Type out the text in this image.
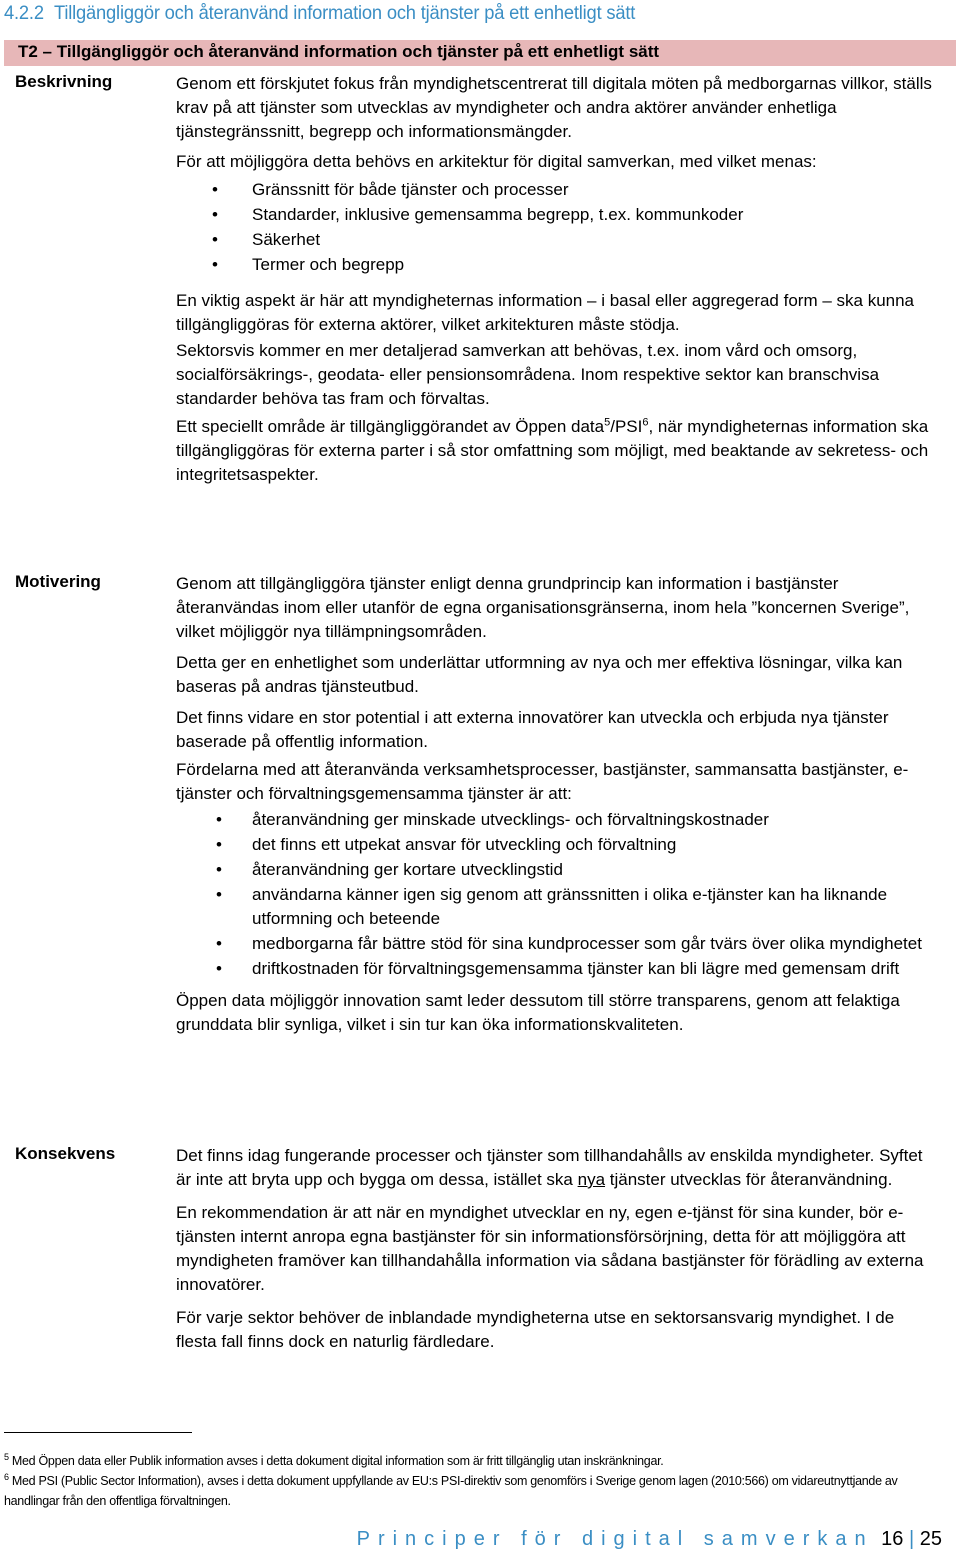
4.2.2 Tillgängliggör och återanvänd information och tjänster på ett enhetligt sätt
T2 – Tillgängliggör och återanvänd information och tjänster på ett enhetligt sätt
Beskrivning	Genom ett förskjutet fokus från myndighetscentrerat till digitala möten på medborgarnas villkor, ställs krav på att tjänster som utvecklas av myndigheter och andra aktörer använder enhetliga tjänstegränssnitt, begrepp och informationsmängder.

För att möjliggöra detta behövs en arkitektur för digital samverkan, med vilket menas:

• Gränssnitt för både tjänster och processer
• Standarder, inklusive gemensamma begrepp, t.ex. kommunkoder
• Säkerhet
• Termer och begrepp

En viktig aspekt är här att myndigheternas information – i basal eller aggregerad form – ska kunna tillgängliggöras för externa aktörer, vilket arkitekturen måste stödja.

Sektorsvis kommer en mer detaljerad samverkan att behövas, t.ex. inom vård och omsorg, socialförsäkrings-, geodata- eller pensionsområdena. Inom respektive sektor kan branschvisa standarder behöva tas fram och förvaltas.

Ett speciellt område är tillgängliggörandet av Öppen data$^5$/PSI$^6$, när myndigheternas information ska tillgängliggöras för externa parter i så stor omfattning som möjligt, med beaktande av sekretess- och integritetsaspekter.

Motivering	Genom att tillgängliggöra tjänster enligt denna grundprincip kan information i bastjänster återanvändas inom eller utanför de egna organisationsgränserna, inom hela ”koncernen Sverige”, vilket möjliggör nya tillämpningsområden.

Detta ger en enhetlighet som underlättar utformning av nya och mer effektiva lösningar, vilka kan baseras på andras tjänsteutbud.

Det finns vidare en stor potential i att externa innovatörer kan utveckla och erbjuda nya tjänster baserade på offentlig information.

Fördelarna med att återanvända verksamhetsprocesser, bastjänster, sammansatta bastjänster, e-tjänster och förvaltningsgemensamma tjänster är att:

• återanvändning ger minskade utvecklings- och förvaltningskostnader
• det finns ett utpekat ansvar för utveckling och förvaltning
• återanvändning ger kortare utvecklingstid
• användarna känner igen sig genom att gränssnitten i olika e-tjänster kan ha liknande utformning och beteende
• medborgarna får bättre stöd för sina kundprocesser som går tvärs över olika myndighetet
• driftkostnaden för förvaltningsgemensamma tjänster kan bli lägre med gemensam drift

Öppen data möjliggör innovation samt leder dessutom till större transparens, genom att felaktiga grunddata blir synliga, vilket i sin tur kan öka informationskvaliteten.

Konsekvens	Det finns idag fungerande processer och tjänster som tillhandahålls av enskilda myndigheter. Syftet är inte att bryta upp och bygga om dessa, istället ska nya tjänster utvecklas för återanvändning.

En rekommendation är att när en myndighet utvecklar en ny, egen e-tjänst för sina kunder, bör e-tjänsten internt anropa egna bastjänster för sin informationsförsörjning, detta för att möjliggöra att myndigheten framöver kan tillhandahålla information via sådana bastjänster för förädling av externa innovatörer.

För varje sektor behöver de inblandade myndigheterna utse en sektorsansvarig myndighet. I de flesta fall finns dock en naturlig färdledare.

$^5$ Med Öppen data eller Publik information avses i detta dokument digital information som är fritt tillgänglig utan inskränkningar.

$^6$ Med PSI (Public Sector Information), avses i detta dokument uppfyllande av EU:s PSI-direktiv som genomförs i Sverige genom lagen (2010:566) om vidareutnyttjande av handlingar från den offentliga förvaltningen.

Principer för digital samverkan 16 | 25
